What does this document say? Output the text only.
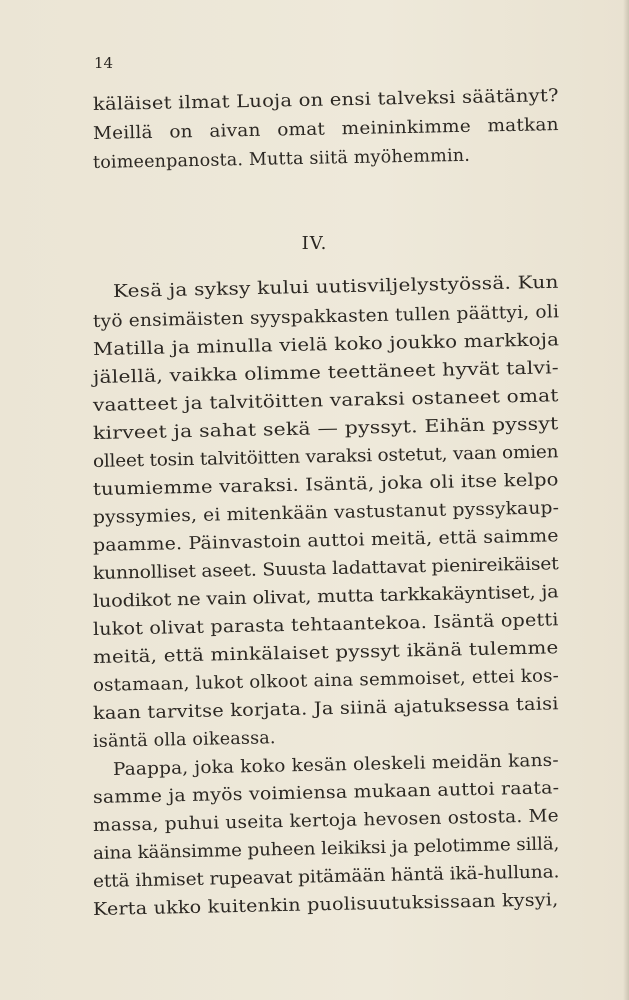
14
käläiset ilmat Luoja on ensi talveksi säätänyt?
Meillä on aivan omat meininkimme matkan
toimeenpanosta. Mutta siitä myöhemmin.
IV.
Kesä ja syksy kului uutisviljelystyössä. Kun
työ ensimäisten syyspakkasten tullen päättyi, oli
Matilla ja minulla vielä koko joukko markkoja
jälellä, vaikka olimme teettäneet hyvät talvi-
vaatteet ja talvitöitten varaksi ostaneet omat
kirveet ja sahat sekä — pyssyt. Eihän pyssyt
olleet tosin talvitöitten varaksi ostetut, vaan omien
tuumiemme varaksi. Isäntä, joka oli itse kelpo
pyssymies, ei mitenkään vastustanut pyssykaup-
paamme. Päinvastoin auttoi meitä, että saimme
kunnolliset aseet. Suusta ladattavat pienireikäiset
luodikot ne vain olivat, mutta tarkkakäyntiset, ja
lukot olivat parasta tehtaantekoa. Isäntä opetti
meitä, että minkälaiset pyssyt ikänä tulemme
ostamaan, lukot olkoot aina semmoiset, ettei kos-
kaan tarvitse korjata. Ja siinä ajatuksessa taisi
isäntä olla oikeassa.
Paappa, joka koko kesän oleskeli meidän kans-
samme ja myös voimiensa mukaan auttoi raata-
massa, puhui useita kertoja hevosen ostosta. Me
aina käänsimme puheen leikiksi ja pelotimme sillä,
että ihmiset rupeavat pitämään häntä ikä-hulluna.
Kerta ukko kuitenkin puolisuutuksissaan kysyi,
